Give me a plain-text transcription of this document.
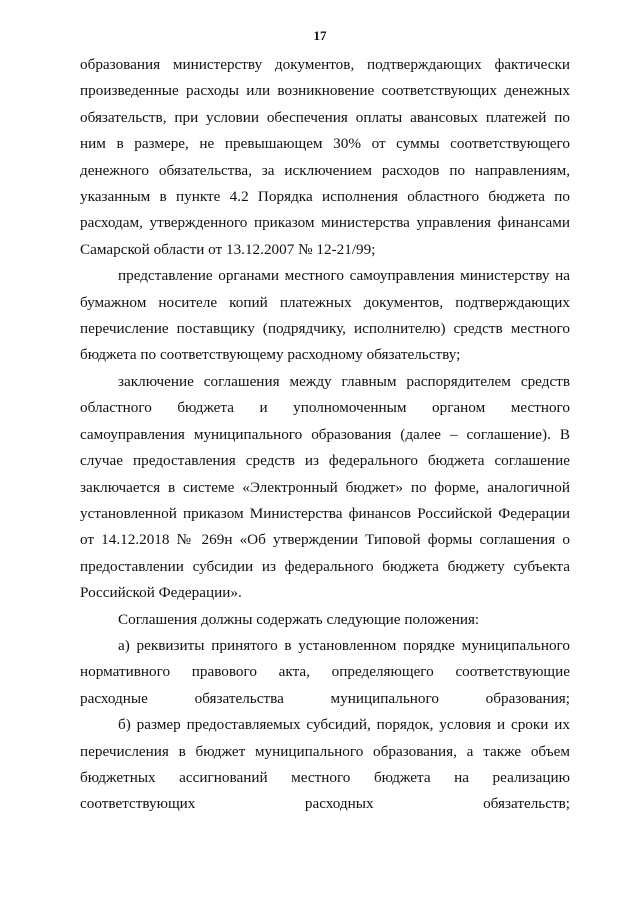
17

образования министерству документов, подтверждающих фактически произведенные расходы или возникновение соответствующих денежных обязательств, при условии обеспечения оплаты авансовых платежей по ним в размере, не превышающем 30% от суммы соответствующего денежного обязательства, за исключением расходов по направлениям, указанным в пункте 4.2 Порядка исполнения областного бюджета по расходам, утвержденного приказом министерства управления финансами Самарской области от 13.12.2007 № 12-21/99;

представление органами местного самоуправления министерству на бумажном носителе копий платежных документов, подтверждающих перечисление поставщику (подрядчику, исполнителю) средств местного бюджета по соответствующему расходному обязательству;

заключение соглашения между главным распорядителем средств областного бюджета и уполномоченным органом местного самоуправления муниципального образования (далее – соглашение). В случае предоставления средств из федерального бюджета соглашение заключается в системе «Электронный бюджет» по форме, аналогичной установленной приказом Министерства финансов Российской Федерации от 14.12.2018 № 269н «Об утверждении Типовой формы соглашения о предоставлении субсидии из федерального бюджета бюджету субъекта Российской Федерации».

Соглашения должны содержать следующие положения:

а) реквизиты принятого в установленном порядке муниципального нормативного правового акта, определяющего соответствующие расходные обязательства муниципального образования;

б) размер предоставляемых субсидий, порядок, условия и сроки их перечисления в бюджет муниципального образования, а также объем бюджетных ассигнований местного бюджета на реализацию соответствующих расходных обязательств;
